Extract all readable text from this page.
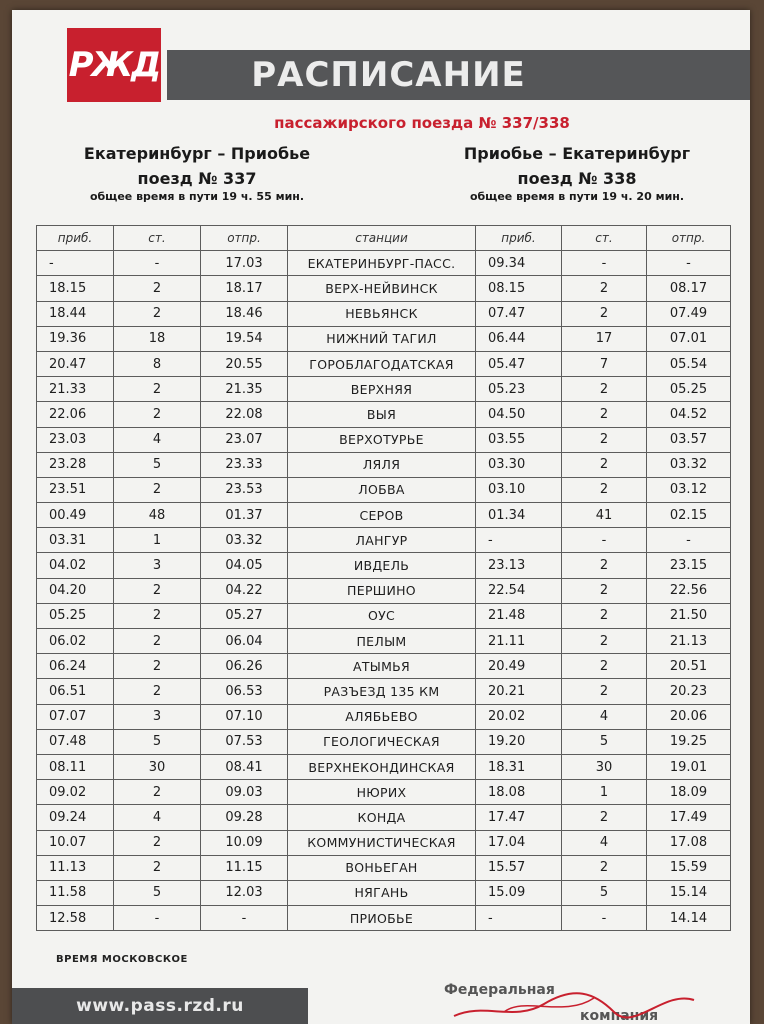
РЖД	РАСПИСАНИЕ
пассажирского поезда № 337/338
Екатеринбург – Приобье
поезд № 337
общее время в пути 19 ч. 55 мин.
Приобье – Екатеринбург
поезд № 338
общее время в пути 19 ч. 20 мин.
приб.	ст.	отпр.	станции	приб.	ст.	отпр.
-	-	17.03	ЕКАТЕРИНБУРГ-ПАСС.	09.34	-	-
18.15	2	18.17	ВЕРХ-НЕЙВИНСК	08.15	2	08.17
18.44	2	18.46	НЕВЬЯНСК	07.47	2	07.49
19.36	18	19.54	НИЖНИЙ ТАГИЛ	06.44	17	07.01
20.47	8	20.55	ГОРОБЛАГОДАТСКАЯ	05.47	7	05.54
21.33	2	21.35	ВЕРХНЯЯ	05.23	2	05.25
22.06	2	22.08	ВЫЯ	04.50	2	04.52
23.03	4	23.07	ВЕРХОТУРЬЕ	03.55	2	03.57
23.28	5	23.33	ЛЯЛЯ	03.30	2	03.32
23.51	2	23.53	ЛОБВА	03.10	2	03.12
00.49	48	01.37	СЕРОВ	01.34	41	02.15
03.31	1	03.32	ЛАНГУР	-	-	-
04.02	3	04.05	ИВДЕЛЬ	23.13	2	23.15
04.20	2	04.22	ПЕРШИНО	22.54	2	22.56
05.25	2	05.27	ОУС	21.48	2	21.50
06.02	2	06.04	ПЕЛЫМ	21.11	2	21.13
06.24	2	06.26	АТЫМЬЯ	20.49	2	20.51
06.51	2	06.53	РАЗЪЕЗД 135 КМ	20.21	2	20.23
07.07	3	07.10	АЛЯБЬЕВО	20.02	4	20.06
07.48	5	07.53	ГЕОЛОГИЧЕСКАЯ	19.20	5	19.25
08.11	30	08.41	ВЕРХНЕКОНДИНСКАЯ	18.31	30	19.01
09.02	2	09.03	НЮРИХ	18.08	1	18.09
09.24	4	09.28	КОНДА	17.47	2	17.49
10.07	2	10.09	КОММУНИСТИЧЕСКАЯ	17.04	4	17.08
11.13	2	11.15	ВОНЬЕГАН	15.57	2	15.59
11.58	5	12.03	НЯГАНЬ	15.09	5	15.14
12.58	-	-	ПРИОБЬЕ	-	-	14.14
ВРЕМЯ МОСКОВСКОЕ
www.pass.rzd.ru
Федеральная
компания
